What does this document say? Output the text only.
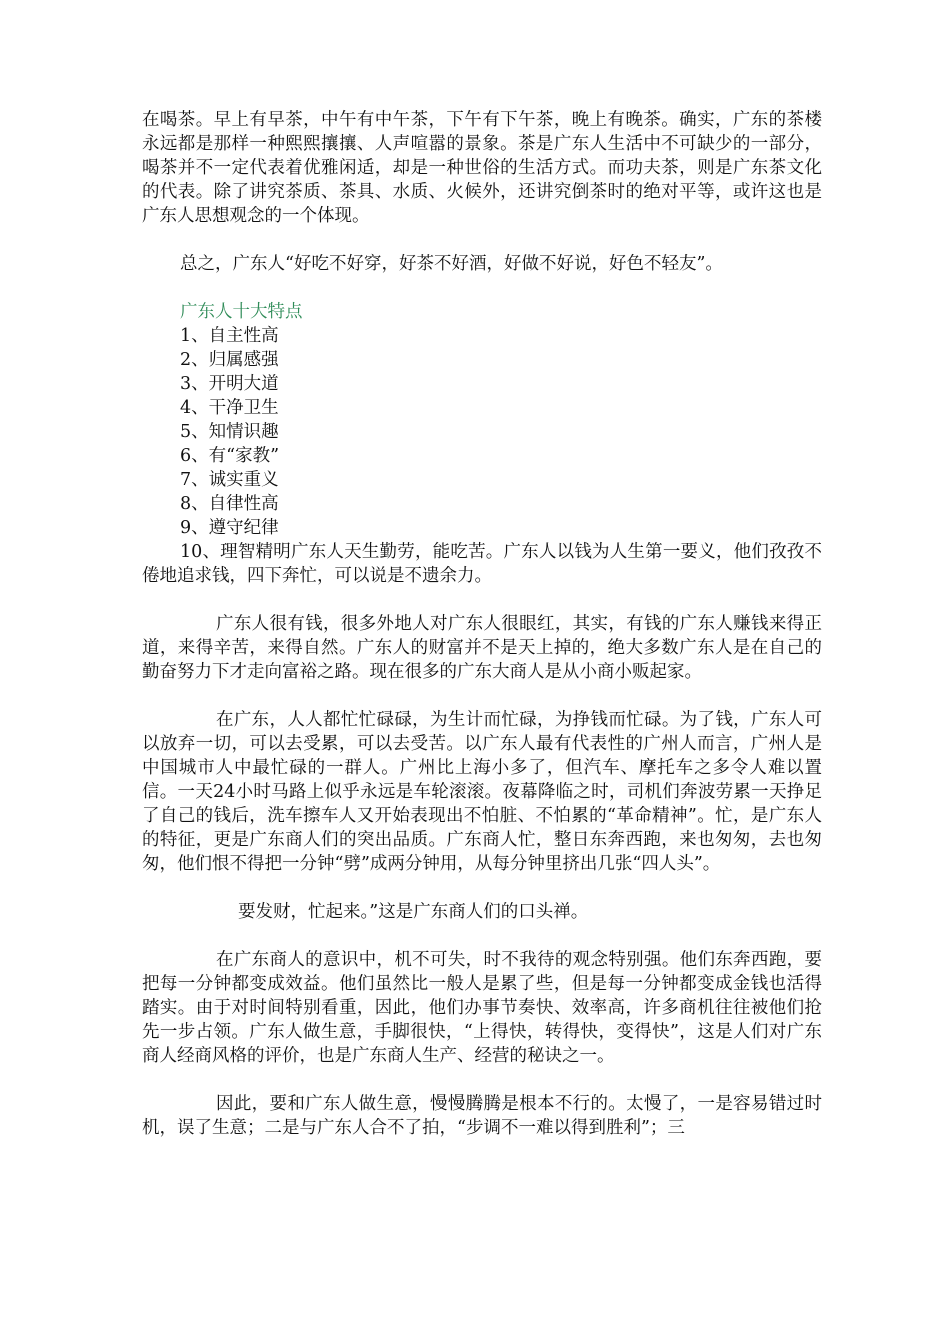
在喝茶。早上有早茶，中午有中午茶，下午有下午茶，晚上有晚茶。确实，广东的茶楼永远都是那样一种熙熙攘攘、人声喧嚣的景象。茶是广东人生活中不可缺少的一部分，喝茶并不一定代表着优雅闲适，却是一种世俗的生活方式。而功夫茶，则是广东茶文化的代表。除了讲究茶质、茶具、水质、火候外，还讲究倒茶时的绝对平等，或许这也是广东人思想观念的一个体现。

总之，广东人“好吃不好穿，好茶不好酒，好做不好说，好色不轻友”。

广东人十大特点

1、自主性高
2、归属感强
3、开明大道
4、干净卫生
5、知情识趣
6、有“家教”
7、诚实重义
8、自律性高
9、遵守纪律

10、理智精明广东人天生勤劳，能吃苦。广东人以钱为人生第一要义，他们孜孜不倦地追求钱，四下奔忙，可以说是不遗余力。

广东人很有钱，很多外地人对广东人很眼红，其实，有钱的广东人赚钱来得正道，来得辛苦，来得自然。广东人的财富并不是天上掉的，绝大多数广东人是在自己的勤奋努力下才走向富裕之路。现在很多的广东大商人是从小商小贩起家。

在广东，人人都忙忙碌碌，为生计而忙碌，为挣钱而忙碌。为了钱，广东人可以放弃一切，可以去受累，可以去受苦。以广东人最有代表性的广州人而言，广州人是中国城市人中最忙碌的一群人。广州比上海小多了，但汽车、摩托车之多令人难以置信。一天24小时马路上似乎永远是车轮滚滚。夜幕降临之时，司机们奔波劳累一天挣足了自己的钱后，洗车擦车人又开始表现出不怕脏、不怕累的“革命精神”。忙，是广东人的特征，更是广东商人们的突出品质。广东商人忙，整日东奔西跑，来也匆匆，去也匆匆，他们恨不得把一分钟“劈”成两分钟用，从每分钟里挤出几张“四人头”。

要发财，忙起来。”这是广东商人们的口头禅。

在广东商人的意识中，机不可失，时不我待的观念特别强。他们东奔西跑，要把每一分钟都变成效益。他们虽然比一般人是累了些，但是每一分钟都变成金钱也活得踏实。由于对时间特别看重，因此，他们办事节奏快、效率高，许多商机往往被他们抢先一步占领。广东人做生意，手脚很快，“上得快，转得快，变得快”，这是人们对广东商人经商风格的评价，也是广东商人生产、经营的秘诀之一。

因此，要和广东人做生意，慢慢腾腾是根本不行的。太慢了，一是容易错过时机，误了生意；二是与广东人合不了拍，“步调不一难以得到胜利”；三
